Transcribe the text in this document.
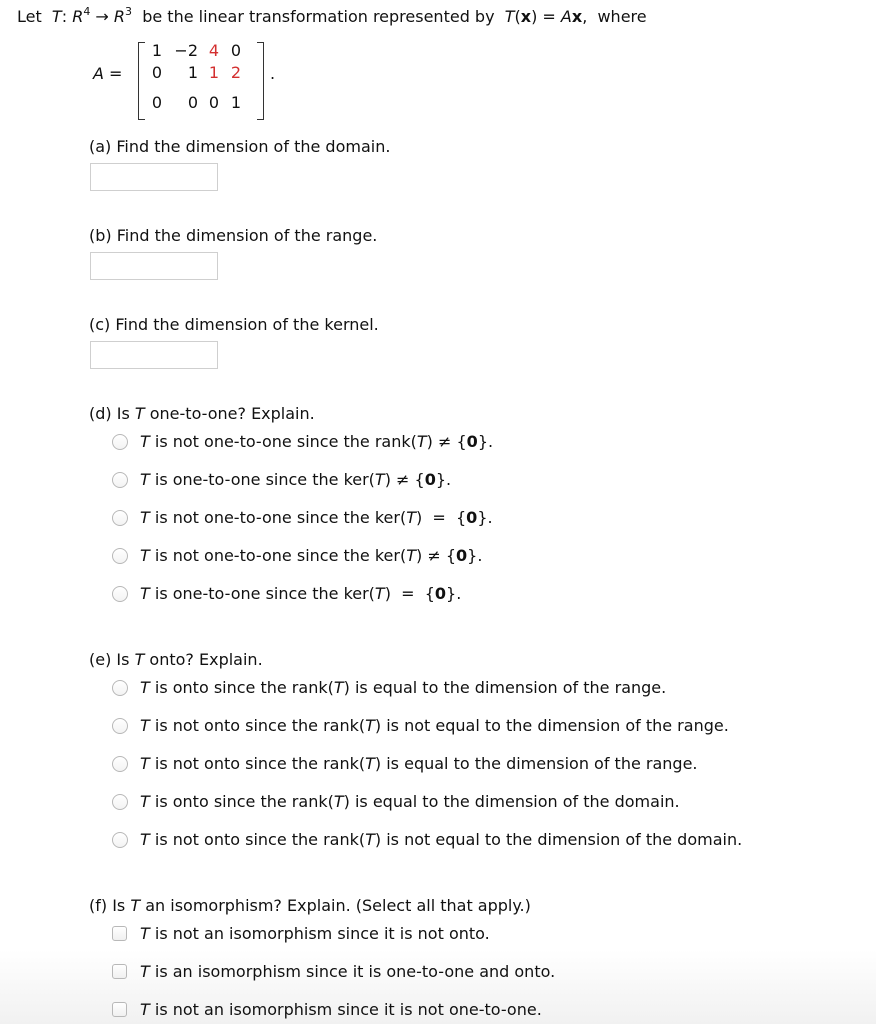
Let T: $R^4 \to R^3$ be the linear transformation represented by T(x) = Ax,  where
A =
1 −2 4 0
0	1 1 2
0	0 0 1
.
(a) Find the dimension of the domain.
(b) Find the dimension of the range.
(c) Find the dimension of the kernel.
(d) Is T one-to-one? Explain.
T is not one-to-one since the rank(T) ≠ {0}.
T is one-to-one since the ker(T) ≠ {0}.
T is not one-to-one since the ker(T)  =  {0}.
T is not one-to-one since the ker(T) ≠ {0}.
T is one-to-one since the ker(T)  =  {0}.
(e) Is T onto? Explain.
T is onto since the rank(T) is equal to the dimension of the range.
T is not onto since the rank(T) is not equal to the dimension of the range.
T is not onto since the rank(T) is equal to the dimension of the range.
T is onto since the rank(T) is equal to the dimension of the domain.
T is not onto since the rank(T) is not equal to the dimension of the domain.
(f) Is T an isomorphism? Explain. (Select all that apply.)
T is not an isomorphism since it is not onto.
T is an isomorphism since it is one-to-one and onto.
T is not an isomorphism since it is not one-to-one.
